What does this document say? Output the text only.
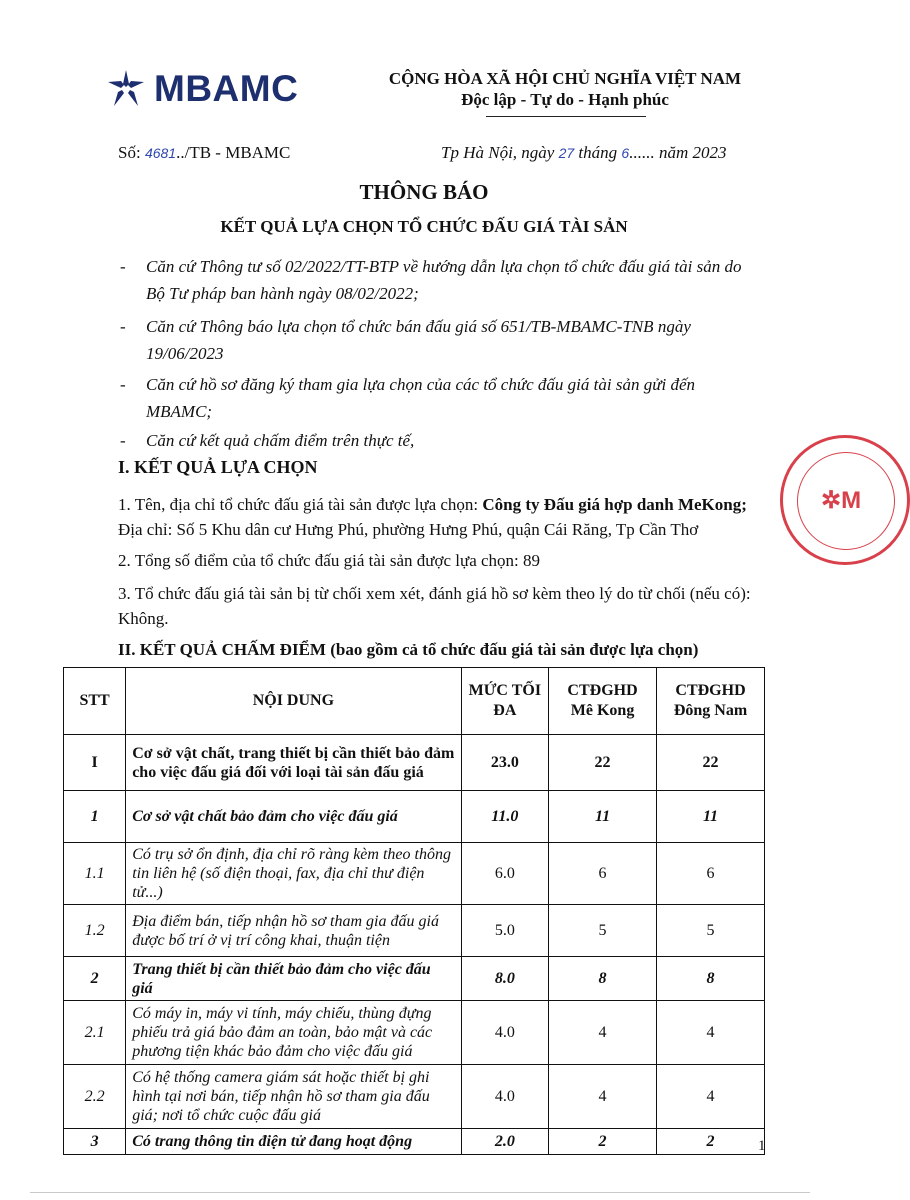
MBAMC	CỘNG HÒA XÃ HỘI CHỦ NGHĨA VIỆT NAM
Độc lập - Tự do - Hạnh phúc
Số: 4681../TB - MBAMC	Tp Hà Nội, ngày 27 tháng 6...... năm 2023
THÔNG BÁO
KẾT QUẢ LỰA CHỌN TỔ CHỨC ĐẤU GIÁ TÀI SẢN
- Căn cứ Thông tư số 02/2022/TT-BTP về hướng dẫn lựa chọn tổ chức đấu giá tài sản do Bộ Tư pháp ban hành ngày 08/02/2022;
- Căn cứ Thông báo lựa chọn tổ chức bán đấu giá số 651/TB-MBAMC-TNB ngày 19/06/2023
- Căn cứ hồ sơ đăng ký tham gia lựa chọn của các tổ chức đấu giá tài sản gửi đến MBAMC;
- Căn cứ kết quả chấm điểm trên thực tế,
I. KẾT QUẢ LỰA CHỌN
1. Tên, địa chỉ tổ chức đấu giá tài sản được lựa chọn: Công ty Đấu giá hợp danh MeKong;
Địa chỉ: Số 5 Khu dân cư Hưng Phú, phường Hưng Phú, quận Cái Răng, Tp Cần Thơ
2. Tổng số điểm của tổ chức đấu giá tài sản được lựa chọn: 89
3. Tổ chức đấu giá tài sản bị từ chối xem xét, đánh giá hồ sơ kèm theo lý do từ chối (nếu có): Không.
II. KẾT QUẢ CHẤM ĐIỂM (bao gồm cả tổ chức đấu giá tài sản được lựa chọn)
STT	NỘI DUNG	MỨC TỐI ĐA	CTĐGHD Mê Kong	CTĐGHD Đông Nam
I	Cơ sở vật chất, trang thiết bị cần thiết bảo đảm cho việc đấu giá đối với loại tài sản đấu giá	23.0	22	22
1	Cơ sở vật chất bảo đảm cho việc đấu giá	11.0	11	11
1.1	Có trụ sở ổn định, địa chỉ rõ ràng kèm theo thông tin liên hệ (số điện thoại, fax, địa chỉ thư điện tử...)	6.0	6	6
1.2	Địa điểm bán, tiếp nhận hồ sơ tham gia đấu giá được bố trí ở vị trí công khai, thuận tiện	5.0	5	5
2	Trang thiết bị cần thiết bảo đảm cho việc đấu giá	8.0	8	8
2.1	Có máy in, máy vi tính, máy chiếu, thùng đựng phiếu trả giá bảo đảm an toàn, bảo mật và các phương tiện khác bảo đảm cho việc đấu giá	4.0	4	4
2.2	Có hệ thống camera giám sát hoặc thiết bị ghi hình tại nơi bán, tiếp nhận hồ sơ tham gia đấu giá; nơi tổ chức cuộc đấu giá	4.0	4	4
3	Có trang thông tin điện tử đang hoạt động	2.0	2	2
✲M
1
